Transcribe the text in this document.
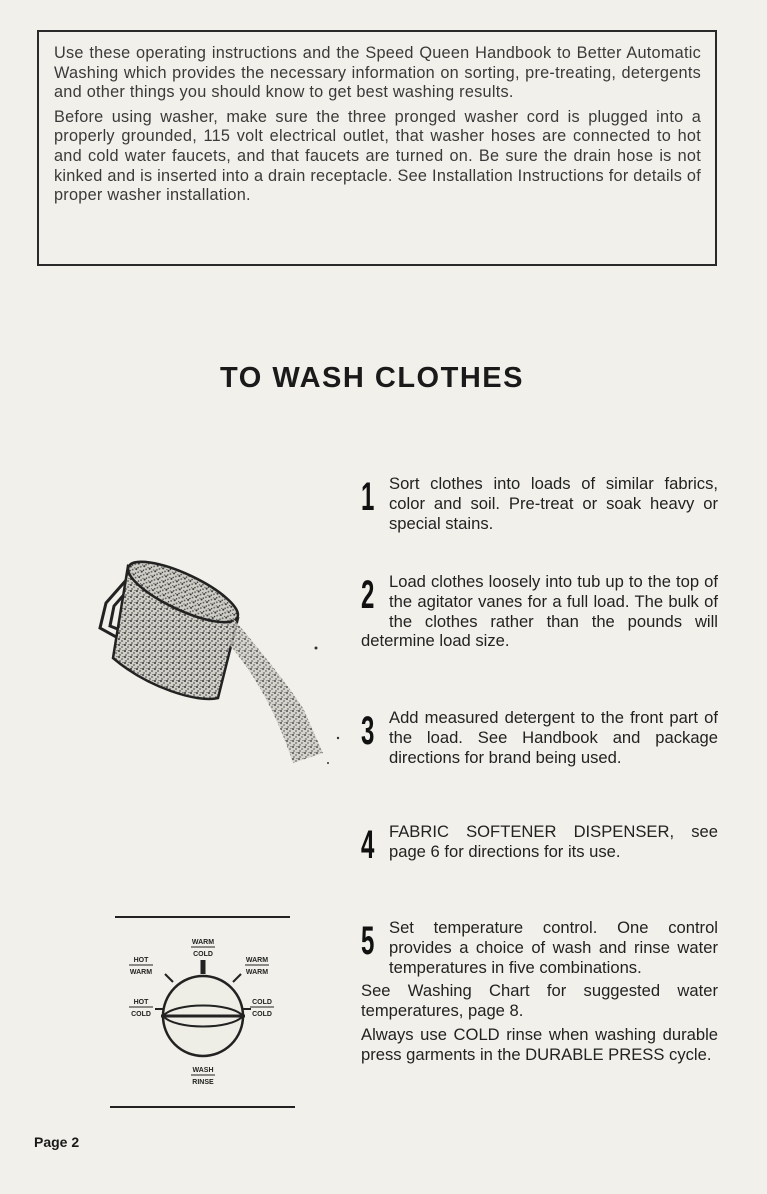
Use these operating instructions and the Speed Queen Handbook to Better Automatic Washing which provides the necessary information on sorting, pre-treating, detergents and other things you should know to get best washing results.

Before using washer, make sure the three pronged washer cord is plugged into a properly grounded, 115 volt electrical outlet, that washer hoses are connected to hot and cold water faucets, and that faucets are turned on. Be sure the drain hose is not kinked and is inserted into a drain receptacle. See Installation Instructions for details of proper washer installation.

TO WASH CLOTHES
WARM
COLD
HOT
WARM
WARM
WARM
HOT
COLD
COLD
COLD
WASH
RINSE
1 Sort clothes into loads of similar fabrics, color and soil. Pre-treat or soak heavy or special stains.

2 Load clothes loosely into tub up to the top of the agitator vanes for a full load. The bulk of the clothes rather than the pounds will determine load size.

3 Add measured detergent to the front part of the load. See Handbook and package directions for brand being used.

4 FABRIC SOFTENER DISPENSER, see page 6 for directions for its use.

5 Set temperature control. One control provides a choice of wash and rinse water temperatures in five combinations.

See Washing Chart for suggested water temperatures, page 8.

Always use COLD rinse when washing durable press garments in the DURABLE PRESS cycle.

Page 2
